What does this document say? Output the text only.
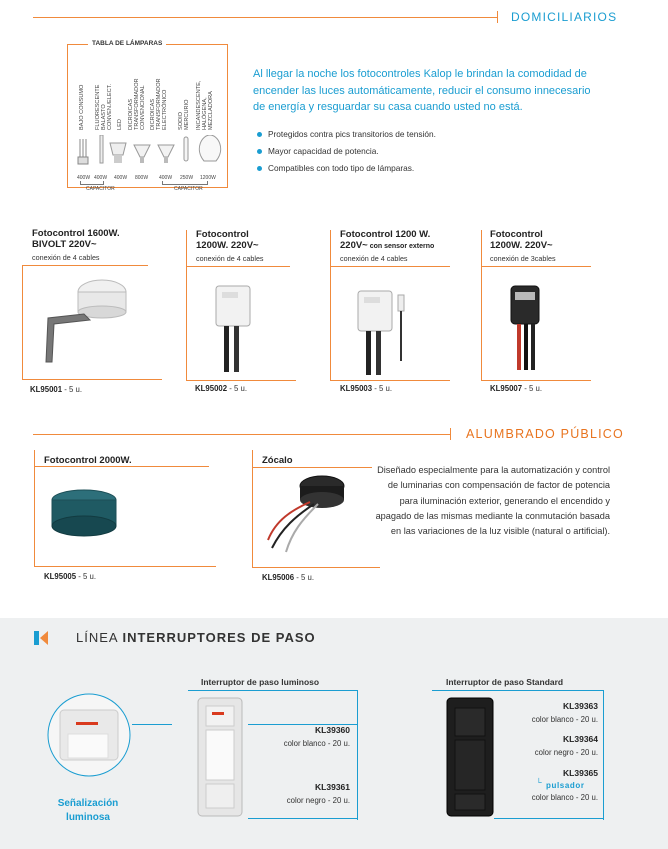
DOMICILIARIOS
TABLA DE LÁMPARAS
BAJO CONSUMO FLUORESCENTE
BALASTO
CONVEN./ELECT. LED DICROICAS
TRANSFORMADOR
CONVENCIONAL DICROICAS
TRANSFORMADOR
ELECTRÓNICO SODIO
MERCURIO INCANDESCENTE,
HALÓGENA,
MEZCLADORA
400W 400W 400W 800W 400W 250W 1200W
CAPACITOR	CAPACITOR
Al llegar la noche los fotocontroles Kalop le brindan la comodidad de encender las luces automáticamente, reducir el consumo innecesario de energía y resguardar su casa cuando usted no está.
Protegidos contra pics transitorios de tensión.
Mayor capacidad de potencia.
Compatibles con todo tipo de lámparas.
Fotocontrol 1600W.
BIVOLT 220V~
conexión de 4 cables
KL95001 - 5 u.
Fotocontrol
1200W. 220V~
conexión de 4 cables
KL95002 - 5 u.
Fotocontrol 1200 W.
220V~ con sensor externo
conexión de 4 cables
KL95003 - 5 u.
Fotocontrol
1200W. 220V~
conexión de 3cables
KL95007 - 5 u.
ALUMBRADO PÚBLICO
Fotocontrol 2000W.
KL95005 - 5 u.
Zócalo
KL95006 - 5 u.
Diseñado especialmente para la automatización y control de luminarias con compensación de factor de potencia para iluminación exterior, generando el encendido y apagado de las mismas mediante la conmutación basada en las variaciones de la luz visible (natural o artificial).
LÍNEA INTERRUPTORES DE PASO
Señalización luminosa
Interruptor de paso luminoso
KL39360
color blanco - 20 u.
KL39361
color negro - 20 u.
Interruptor de paso Standard
KL39363
color blanco - 20 u.
KL39364
color negro - 20 u.
KL39365
└ pulsador
color blanco - 20 u.
